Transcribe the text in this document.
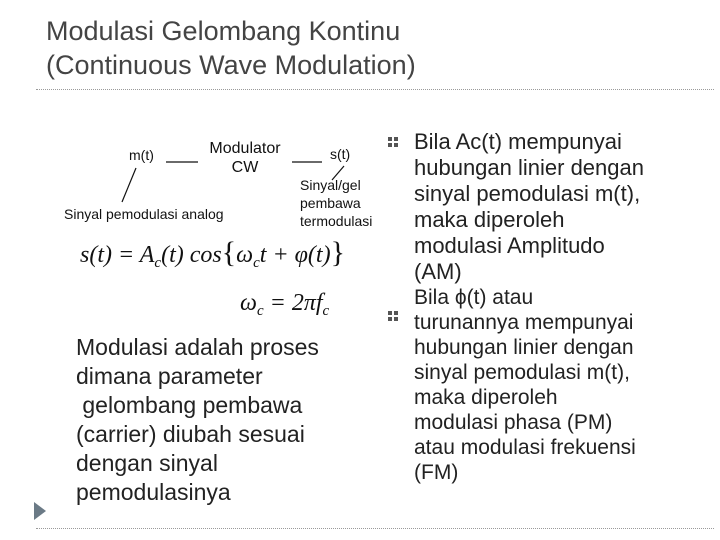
Modulasi Gelombang Kontinu
(Continuous Wave Modulation)
m(t)	Modulator
CW
s(t)
Sinyal pemodulasi analog
Sinyal/gel
pembawa
termodulasi
$s(t) = A_c(t) \cos\{\omega_ct + \varphi(t)\}$
$\omega_c = 2\pi f_c$
Modulasi adalah proses
dimana parameter
gelombang pembawa
(carrier) diubah sesuai
dengan sinyal
pemodulasinya
Bila Ac(t) mempunyai
hubungan linier dengan
sinyal pemodulasi m(t),
maka diperoleh
modulasi Amplitudo
(AM)
Bila ϕ(t) atau
turunannya mempunyai
hubungan linier dengan
sinyal pemodulasi m(t),
maka diperoleh
modulasi phasa (PM)
atau modulasi frekuensi
(FM)
